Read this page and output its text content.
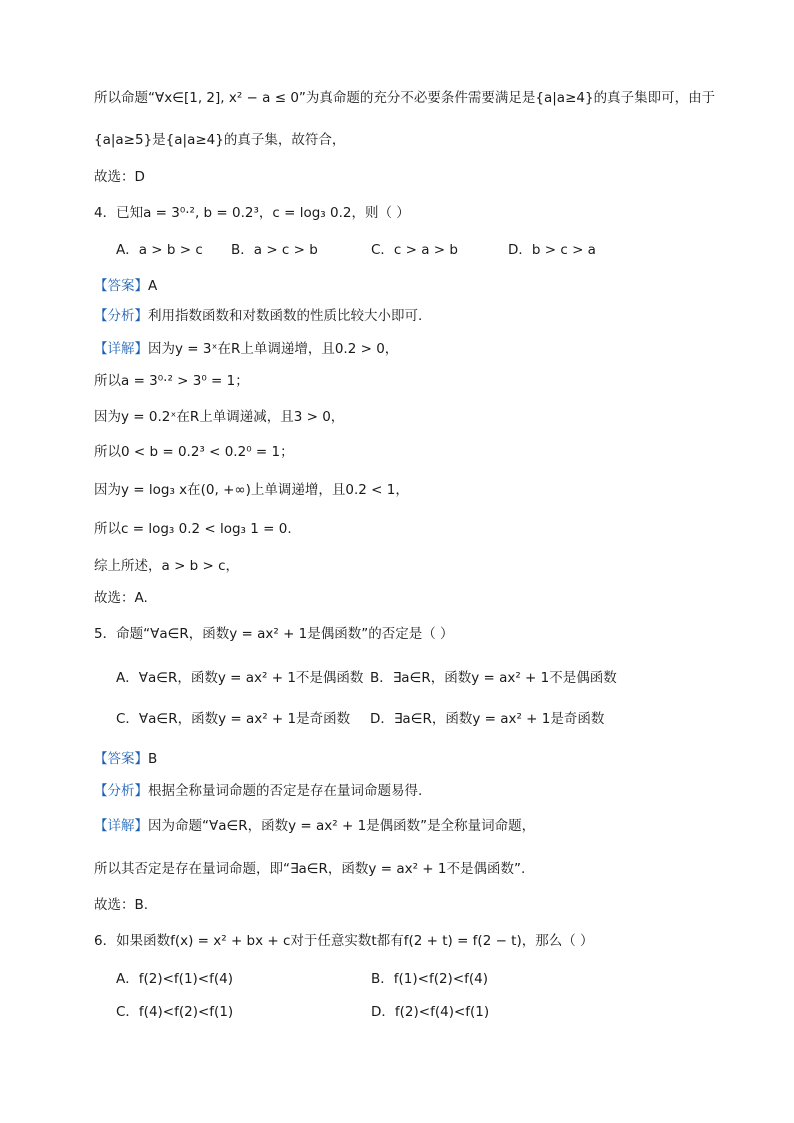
所以命题“∀x∈[1, 2], x² − a ≤ 0”为真命题的充分不必要条件需要满足是{a|a≥4}的真子集即可，由于
{a|a≥5}是{a|a≥4}的真子集，故符合，
故选：D
4．已知a = 3⁰·², b = 0.2³，c = log₃ 0.2，则（ ）
A．a > b > c B．a > c > b	C．c > a > b	D．b > c > a
【答案】A
【分析】利用指数函数和对数函数的性质比较大小即可.
【详解】因为y = 3ˣ在R上单调递增，且0.2 > 0，
所以a = 3⁰·² > 3⁰ = 1；
因为y = 0.2ˣ在R上单调递减，且3 > 0，
所以0 < b = 0.2³ < 0.2⁰ = 1；
因为y = log₃ x在(0, +∞)上单调递增，且0.2 < 1，
所以c = log₃ 0.2 < log₃ 1 = 0.
综上所述，a > b > c，
故选：A.
5．命题“∀a∈R，函数y = ax² + 1是偶函数”的否定是（ ）
A．∀a∈R，函数y = ax² + 1不是偶函数 B．∃a∈R，函数y = ax² + 1不是偶函数
C．∀a∈R，函数y = ax² + 1是奇函数 D．∃a∈R，函数y = ax² + 1是奇函数
【答案】B
【分析】根据全称量词命题的否定是存在量词命题易得.
【详解】因为命题“∀a∈R，函数y = ax² + 1是偶函数”是全称量词命题，
所以其否定是存在量词命题，即“∃a∈R，函数y = ax² + 1不是偶函数”.
故选：B.
6．如果函数f(x) = x² + bx + c对于任意实数t都有f(2 + t) = f(2 − t)，那么（ ）
A．f(2)<f(1)<f(4)	B．f(1)<f(2)<f(4)
C．f(4)<f(2)<f(1)	D．f(2)<f(4)<f(1)
